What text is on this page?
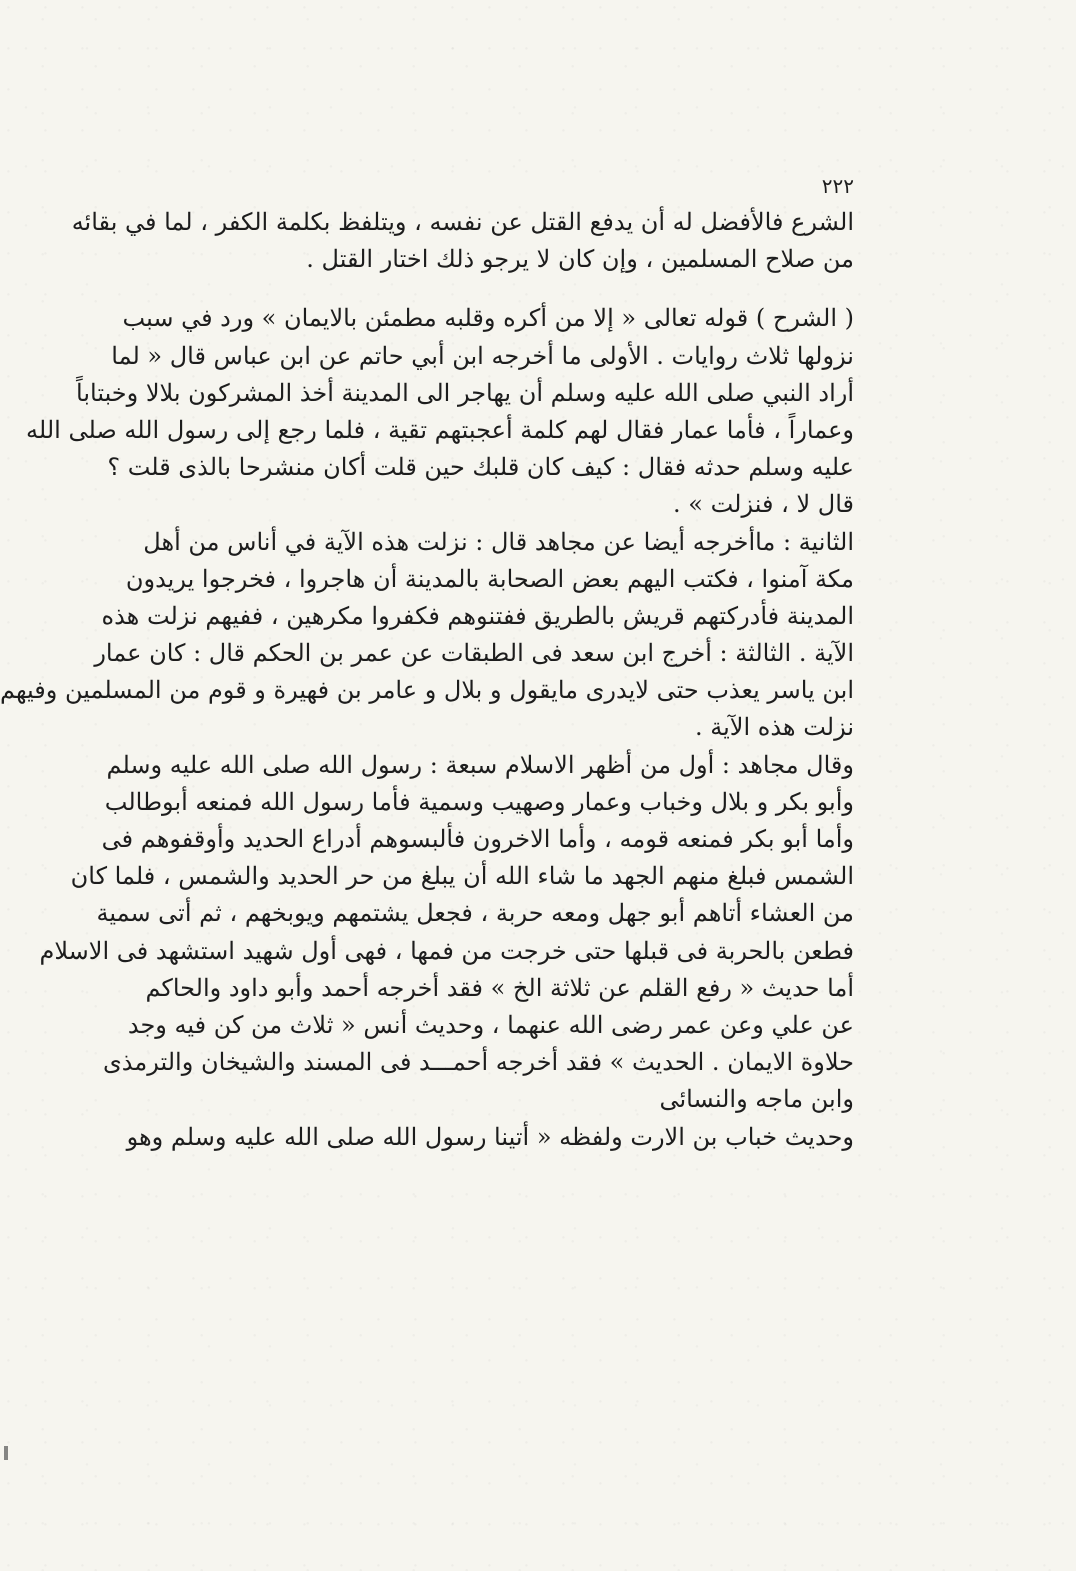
٢٢٢
الشرع فالأفضل له أن يدفع القتل عن نفسه ، ويتلفظ بكلمة الكفر ، لما في بقائه
من صلاح المسلمين ، وإن كان لا يرجو ذلك اختار القتل .
( الشرح ) قوله تعالى « إلا من أكره وقلبه مطمئن بالايمان » ورد في سبب
نزولها ثلاث روايات . الأولى ما أخرجه ابن أبي حاتم عن ابن عباس قال « لما
أراد النبي صلى الله عليه وسلم أن يهاجر الى المدينة أخذ المشركون بلالا وخبتاباً
وعماراً ، فأما عمار فقال لهم كلمة أعجبتهم تقية ، فلما رجع إلى رسول الله صلى الله
عليه وسلم حدثه فقال : كيف كان قلبك حين قلت أكان منشرحا بالذى قلت ؟
قال لا ، فنزلت » .
الثانية : ماأخرجه أيضا عن مجاهد قال : نزلت هذه الآية في أناس من أهل
مكة آمنوا ، فكتب اليهم بعض الصحابة بالمدينة أن هاجروا ، فخرجوا يريدون
المدينة فأدركتهم قريش بالطريق ففتنوهم فكفروا مكرهين ، ففيهم نزلت هذه
الآية . الثالثة : أخرج ابن سعد فى الطبقات عن عمر بن الحكم قال : كان عمار
ابن ياسر يعذب حتى لايدرى مايقول و بلال و عامر بن فهيرة و قوم من المسلمين وفيهم
نزلت هذه الآية .
وقال مجاهد : أول من أظهر الاسلام سبعة : رسول الله صلى الله عليه وسلم
وأبو بكر و بلال وخباب وعمار وصهيب وسمية فأما رسول الله فمنعه أبوطالب
وأما أبو بكر فمنعه قومه ، وأما الاخرون فألبسوهم أدراع الحديد وأوقفوهم فى
الشمس فبلغ منهم الجهد ما شاء الله أن يبلغ من حر الحديد والشمس ، فلما كان
من العشاء أتاهم أبو جهل ومعه حربة ، فجعل يشتمهم ويوبخهم ، ثم أتى سمية
فطعن بالحربة فى قبلها حتى خرجت من فمها ، فهى أول شهيد استشهد فى الاسلام
أما حديث « رفع القلم عن ثلاثة الخ » فقد أخرجه أحمد وأبو داود والحاكم
عن علي وعن عمر رضى الله عنهما ، وحديث أنس « ثلاث من كن فيه وجد
حلاوة الايمان . الحديث » فقد أخرجه أحمـــد فى المسند والشيخان والترمذى
وابن ماجه والنسائى
وحديث خباب بن الارت ولفظه « أتينا رسول الله صلى الله عليه وسلم وهو
